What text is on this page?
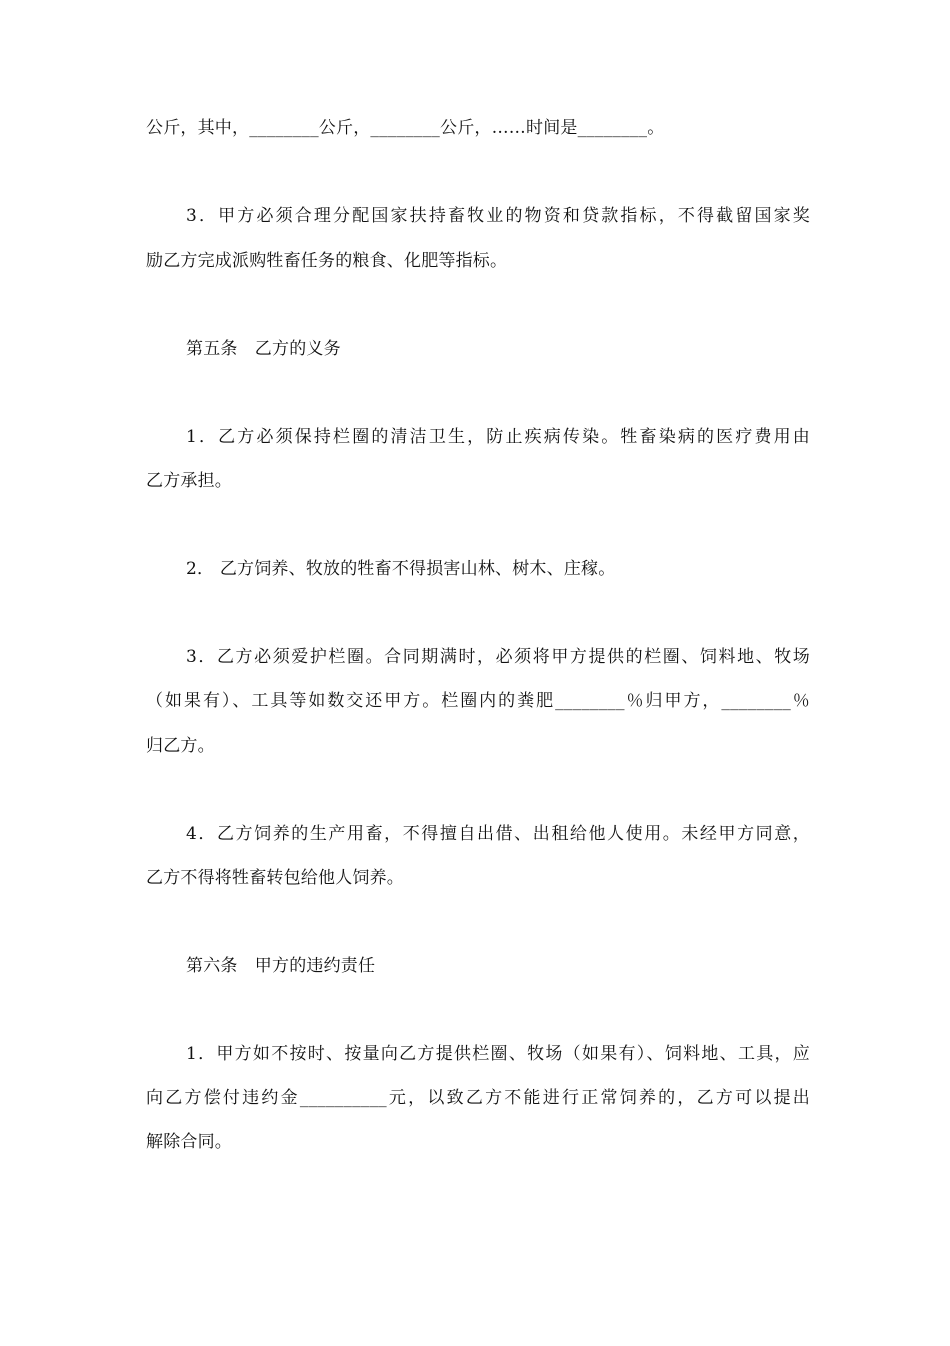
公斤，其中，________公斤，________公斤，……时间是________。
3．甲方必须合理分配国家扶持畜牧业的物资和贷款指标，不得截留国家奖
励乙方完成派购牲畜任务的粮食、化肥等指标。
第五条　乙方的义务
1．乙方必须保持栏圈的清洁卫生，防止疾病传染。牲畜染病的医疗费用由
乙方承担。
2． 乙方饲养、牧放的牲畜不得损害山林、树木、庄稼。
3．乙方必须爱护栏圈。合同期满时，必须将甲方提供的栏圈、饲料地、牧场
（如果有）、工具等如数交还甲方。栏圈内的粪肥________％归甲方，________％
归乙方。
4．乙方饲养的生产用畜，不得擅自出借、出租给他人使用。未经甲方同意，
乙方不得将牲畜转包给他人饲养。
第六条　甲方的违约责任
1．甲方如不按时、按量向乙方提供栏圈、牧场（如果有）、饲料地、工具，应
向乙方偿付违约金__________元，以致乙方不能进行正常饲养的，乙方可以提出
解除合同。
